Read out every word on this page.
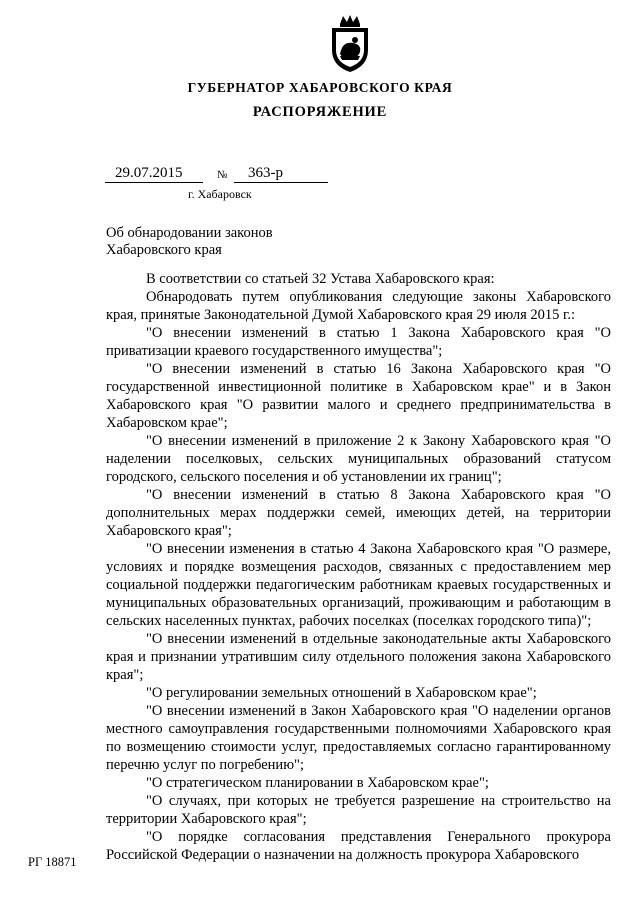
ГУБЕРНАТОР ХАБАРОВСКОГО КРАЯ
РАСПОРЯЖЕНИЕ
29.07.2015	№	363-р
г. Хабаровск
Об обнародовании законов
Хабаровского края

В соответствии со статьей 32 Устава Хабаровского края:

Обнародовать путем опубликования следующие законы Хабаровского края, принятые Законодательной Думой Хабаровского края 29 июля 2015 г.:

"О внесении изменений в статью 1 Закона Хабаровского края "О приватизации краевого государственного имущества";

"О внесении изменений в статью 16 Закона Хабаровского края "О государственной инвестиционной политике в Хабаровском крае" и в Закон Хабаровского края "О развитии малого и среднего предпринимательства в Хабаровском крае";

"О внесении изменений в приложение 2 к Закону Хабаровского края "О наделении поселковых, сельских муниципальных образований статусом городского, сельского поселения и об установлении их границ";

"О внесении изменений в статью 8 Закона Хабаровского края "О дополнительных мерах поддержки семей, имеющих детей, на территории Хабаровского края";

"О внесении изменения в статью 4 Закона Хабаровского края "О размере, условиях и порядке возмещения расходов, связанных с предоставлением мер социальной поддержки педагогическим работникам краевых государственных и муниципальных образовательных организаций, проживающим и работающим в сельских населенных пунктах, рабочих поселках (поселках городского типа)";

"О внесении изменений в отдельные законодательные акты Хабаровского края и признании утратившим силу отдельного положения закона Хабаровского края";

"О регулировании земельных отношений в Хабаровском крае";

"О внесении изменений в Закон Хабаровского края "О наделении органов местного самоуправления государственными полномочиями Хабаровского края по возмещению стоимости услуг, предоставляемых согласно гарантированному перечню услуг по погребению";

"О стратегическом планировании в Хабаровском крае";

"О случаях, при которых не требуется разрешение на строительство на территории Хабаровского края";

"О порядке согласования представления Генерального прокурора Российской Федерации о назначении на должность прокурора Хабаровского

РГ 18871
